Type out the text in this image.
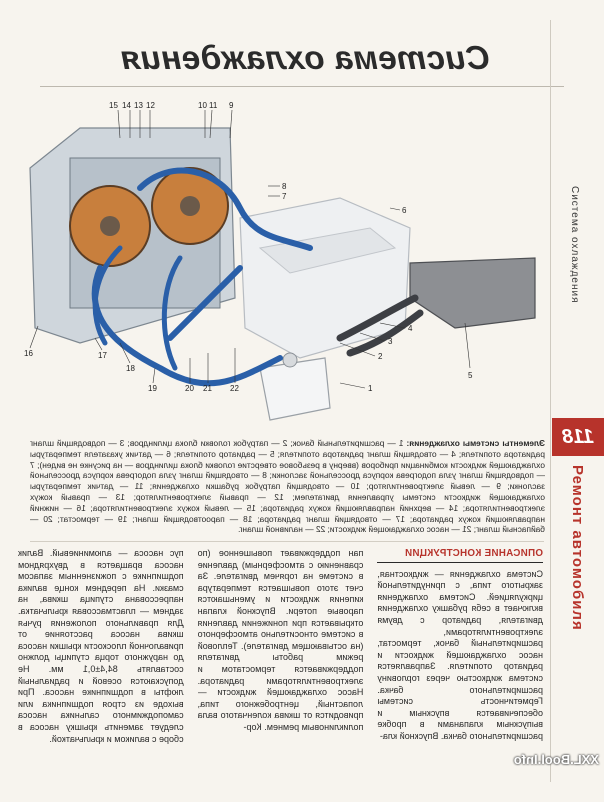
Система охлаждения
1
2
3
4
5
6
7
8
9
10 11
12
13
14
15
16	17
18
19	20 21 22
Система охлаждения
118
Ремонт автомобиля
Элементы системы охлаждения: 1 — расширительный бачок; 2 — патрубок головки блока цилиндров; 3 — подводящий шланг радиатора отопителя; 4 — отводящий шланг радиатора отопителя; 5 — радиатор отопителя; 6 — датчик указателя температуры охлаждающей жидкости комбинации приборов (вверну в резьбовое отверстие головки блока цилиндров — на рисунке не виден); 7 — подводящий шланг узла подогрева корпуса дроссельной заслонки; 8 — отводящий шланг узла подогрева корпуса дроссельной заслонки; 9 — левый электровентилятор; 10 — отводящий патрубок рубашки охлаждения; 11 — датчик температуры охлаждающей жидкости системы управления двигателем; 12 — правый электровентилятор; 13 — правый кожух электровентилятора; 14 — верхний направляющий кожух радиатора; 15 — левый кожух электровентилятора; 16 — нижний направляющий кожух радиатора; 17 — отводящий шланг радиатора; 18 — пароотводящий шланг; 19 — термостат; 20 — байпасный шланг; 21 — насос охлаждающей жидкости; 22 — наливной шланг.
ОПИСАНИЕ КОНСТРУКЦИИ
Система охлаждения — жидкостная, закрытого типа, с принудительной циркуляцией. Система охлаждения включает в себя рубашку охлаждения двигателя, радиатор с двумя электровентиляторами, расширительный бачок, термостат, насос охлаждающей жидкости и радиатор отопителя. Заправляется система жидкостью через горловину расширительного бачка. Герметичность системы обеспечивается впускным и выпускным клапанами в пробке расширительного бачка. Впускной кла-
пан поддерживает повышенное (по сравнению с атмосферным) давление в системе на горячем двигателе. За счет этого повышается температура кипения жидкости и уменьшаются паровые потери. Впускной клапан открывается при понижении давления в системе относительно атмосферного (на остывающем двигателе). Тепловой режим работы двигателя поддерживается термостатом и электровентиляторами радиатора. Насос охлаждающей жидкости — лопастный, центробежного типа, приводится от шкива коленчатого вала поликлиновым ремнем. Кор-
пус насоса — алюминиевый. Валик насоса вращается в двухрядном подшипнике с пожизненным запасом смазки. На переднем конце валика напрессована ступица шкива, на заднем — пластмассовая крыльчатка. Для правильного положения ручья шкива насоса расстояние от привалочной плоскости крышки насоса до наружного торца ступицы должно составлять 84,4±0,1 мм. Не допускаются осевой и радиальный люфты в подшипнике насоса. При выходе из строя подшипника или самоподжимного сальника насоса следует заменить крышку насоса в сборе с валиком и крыльчаткой.
XXL.Bool.Info
